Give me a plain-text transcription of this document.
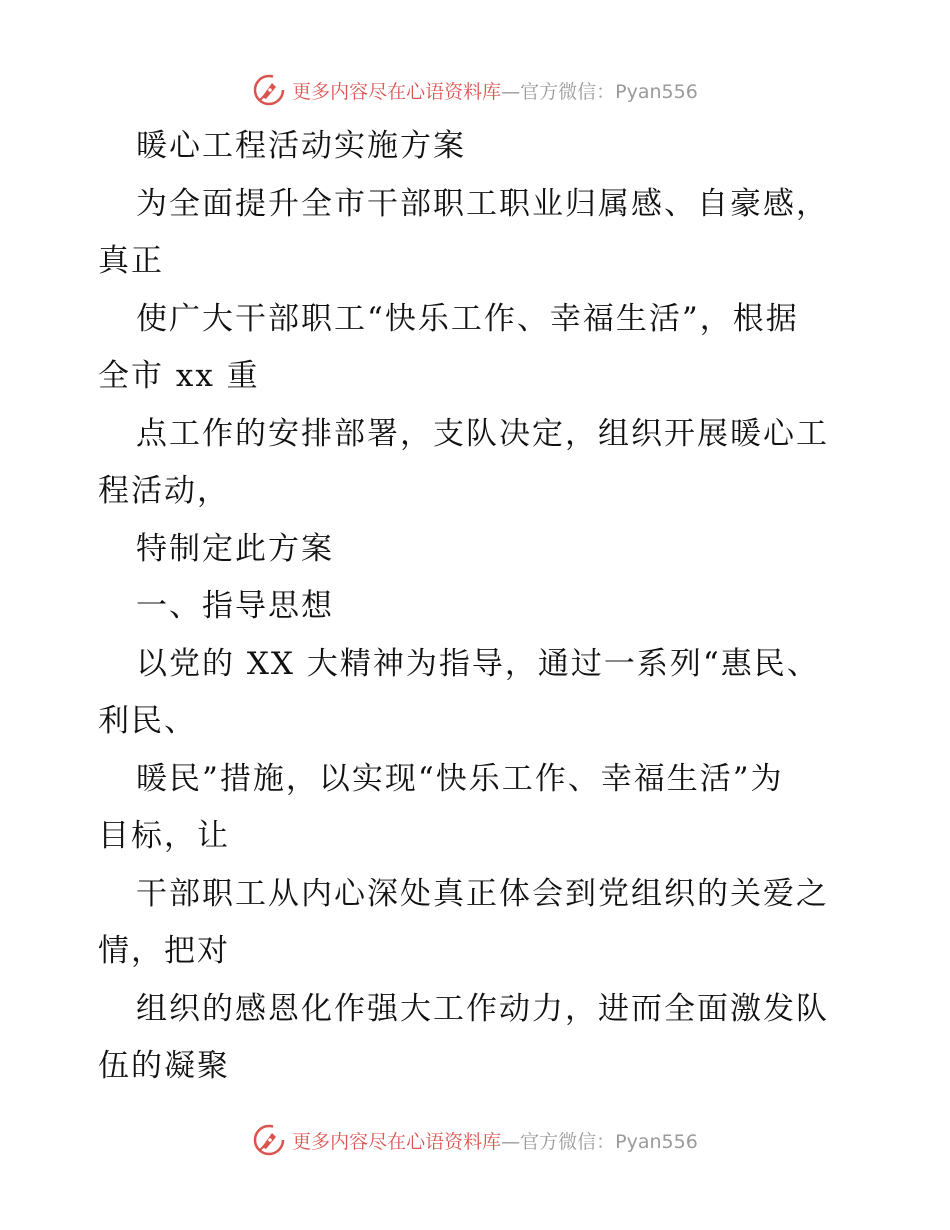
更多内容尽在心语资料库—官方微信：Pyan556
暖心工程活动实施方案
为全面提升全市干部职工职业归属感、自豪感，
真正
使广大干部职工“快乐工作、幸福生活”，根据
全市 xx 重
点工作的安排部署，支队决定，组织开展暖心工
程活动，
特制定此方案
一、指导思想
以党的 XX 大精神为指导，通过一系列“惠民、
利民、
暖民”措施，以实现“快乐工作、幸福生活”为
目标，让
干部职工从内心深处真正体会到党组织的关爱之
情，把对
组织的感恩化作强大工作动力，进而全面激发队
伍的凝聚
更多内容尽在心语资料库—官方微信：Pyan556
